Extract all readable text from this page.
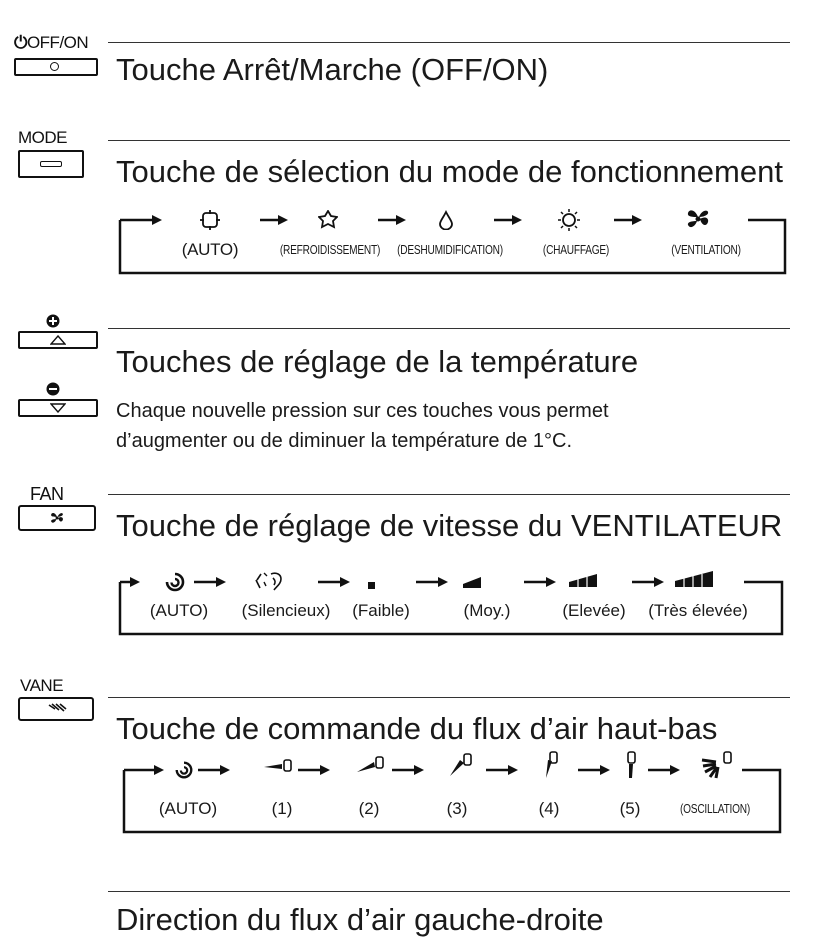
⏻OFF/ON
Touche Arrêt/Marche (OFF/ON)
MODE
Touche de sélection du mode de fonctionnement
(AUTO)	(REFROIDISSEMENT) (DESHUMIDIFICATION)	(CHAUFFAGE)	(VENTILATION)
Touches de réglage de la température
Chaque nouvelle pression sur ces touches vous permet
d’augmenter ou de diminuer la température de 1°C.
FAN
Touche de réglage de vitesse du VENTILATEUR
(AUTO) (Silencieux) (Faible)	(Moy.)	(Elevée) (Très élevée)
VANE
Touche de commande du flux d’air haut-bas
(AUTO)	(1)	(2)	(3)	(4)	(5)	(OSCILLATION)
Direction du flux d’air gauche-droite
